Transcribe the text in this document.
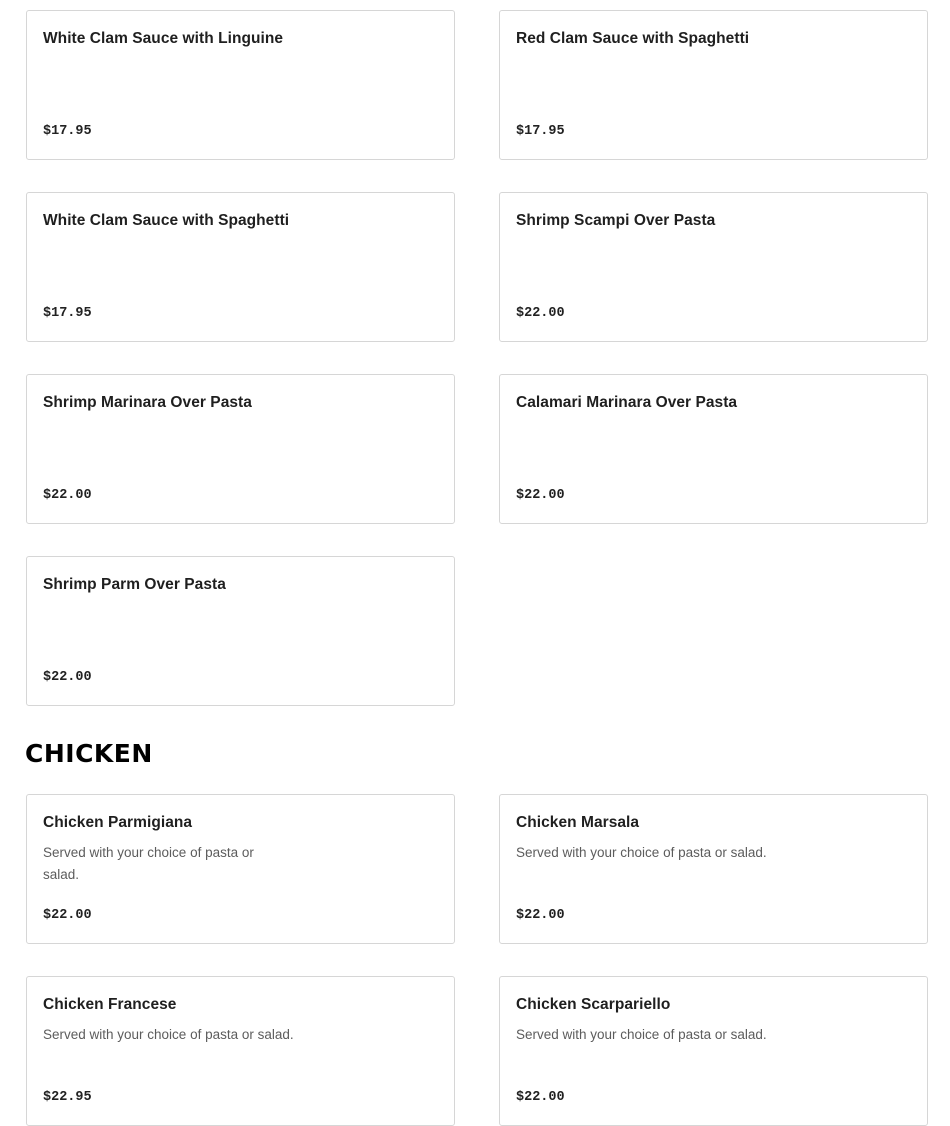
White Clam Sauce with Linguine
$17.95
Red Clam Sauce with Spaghetti
$17.95
White Clam Sauce with Spaghetti
$17.95
Shrimp Scampi Over Pasta
$22.00
Shrimp Marinara Over Pasta
$22.00
Calamari Marinara Over Pasta
$22.00
Shrimp Parm Over Pasta
$22.00
CHICKEN
Chicken Parmigiana
Served with your choice of pasta or salad.
$22.00
Chicken Marsala
Served with your choice of pasta or salad.
$22.00
Chicken Francese
Served with your choice of pasta or salad.
$22.95
Chicken Scarpariello
Served with your choice of pasta or salad.
$22.00
